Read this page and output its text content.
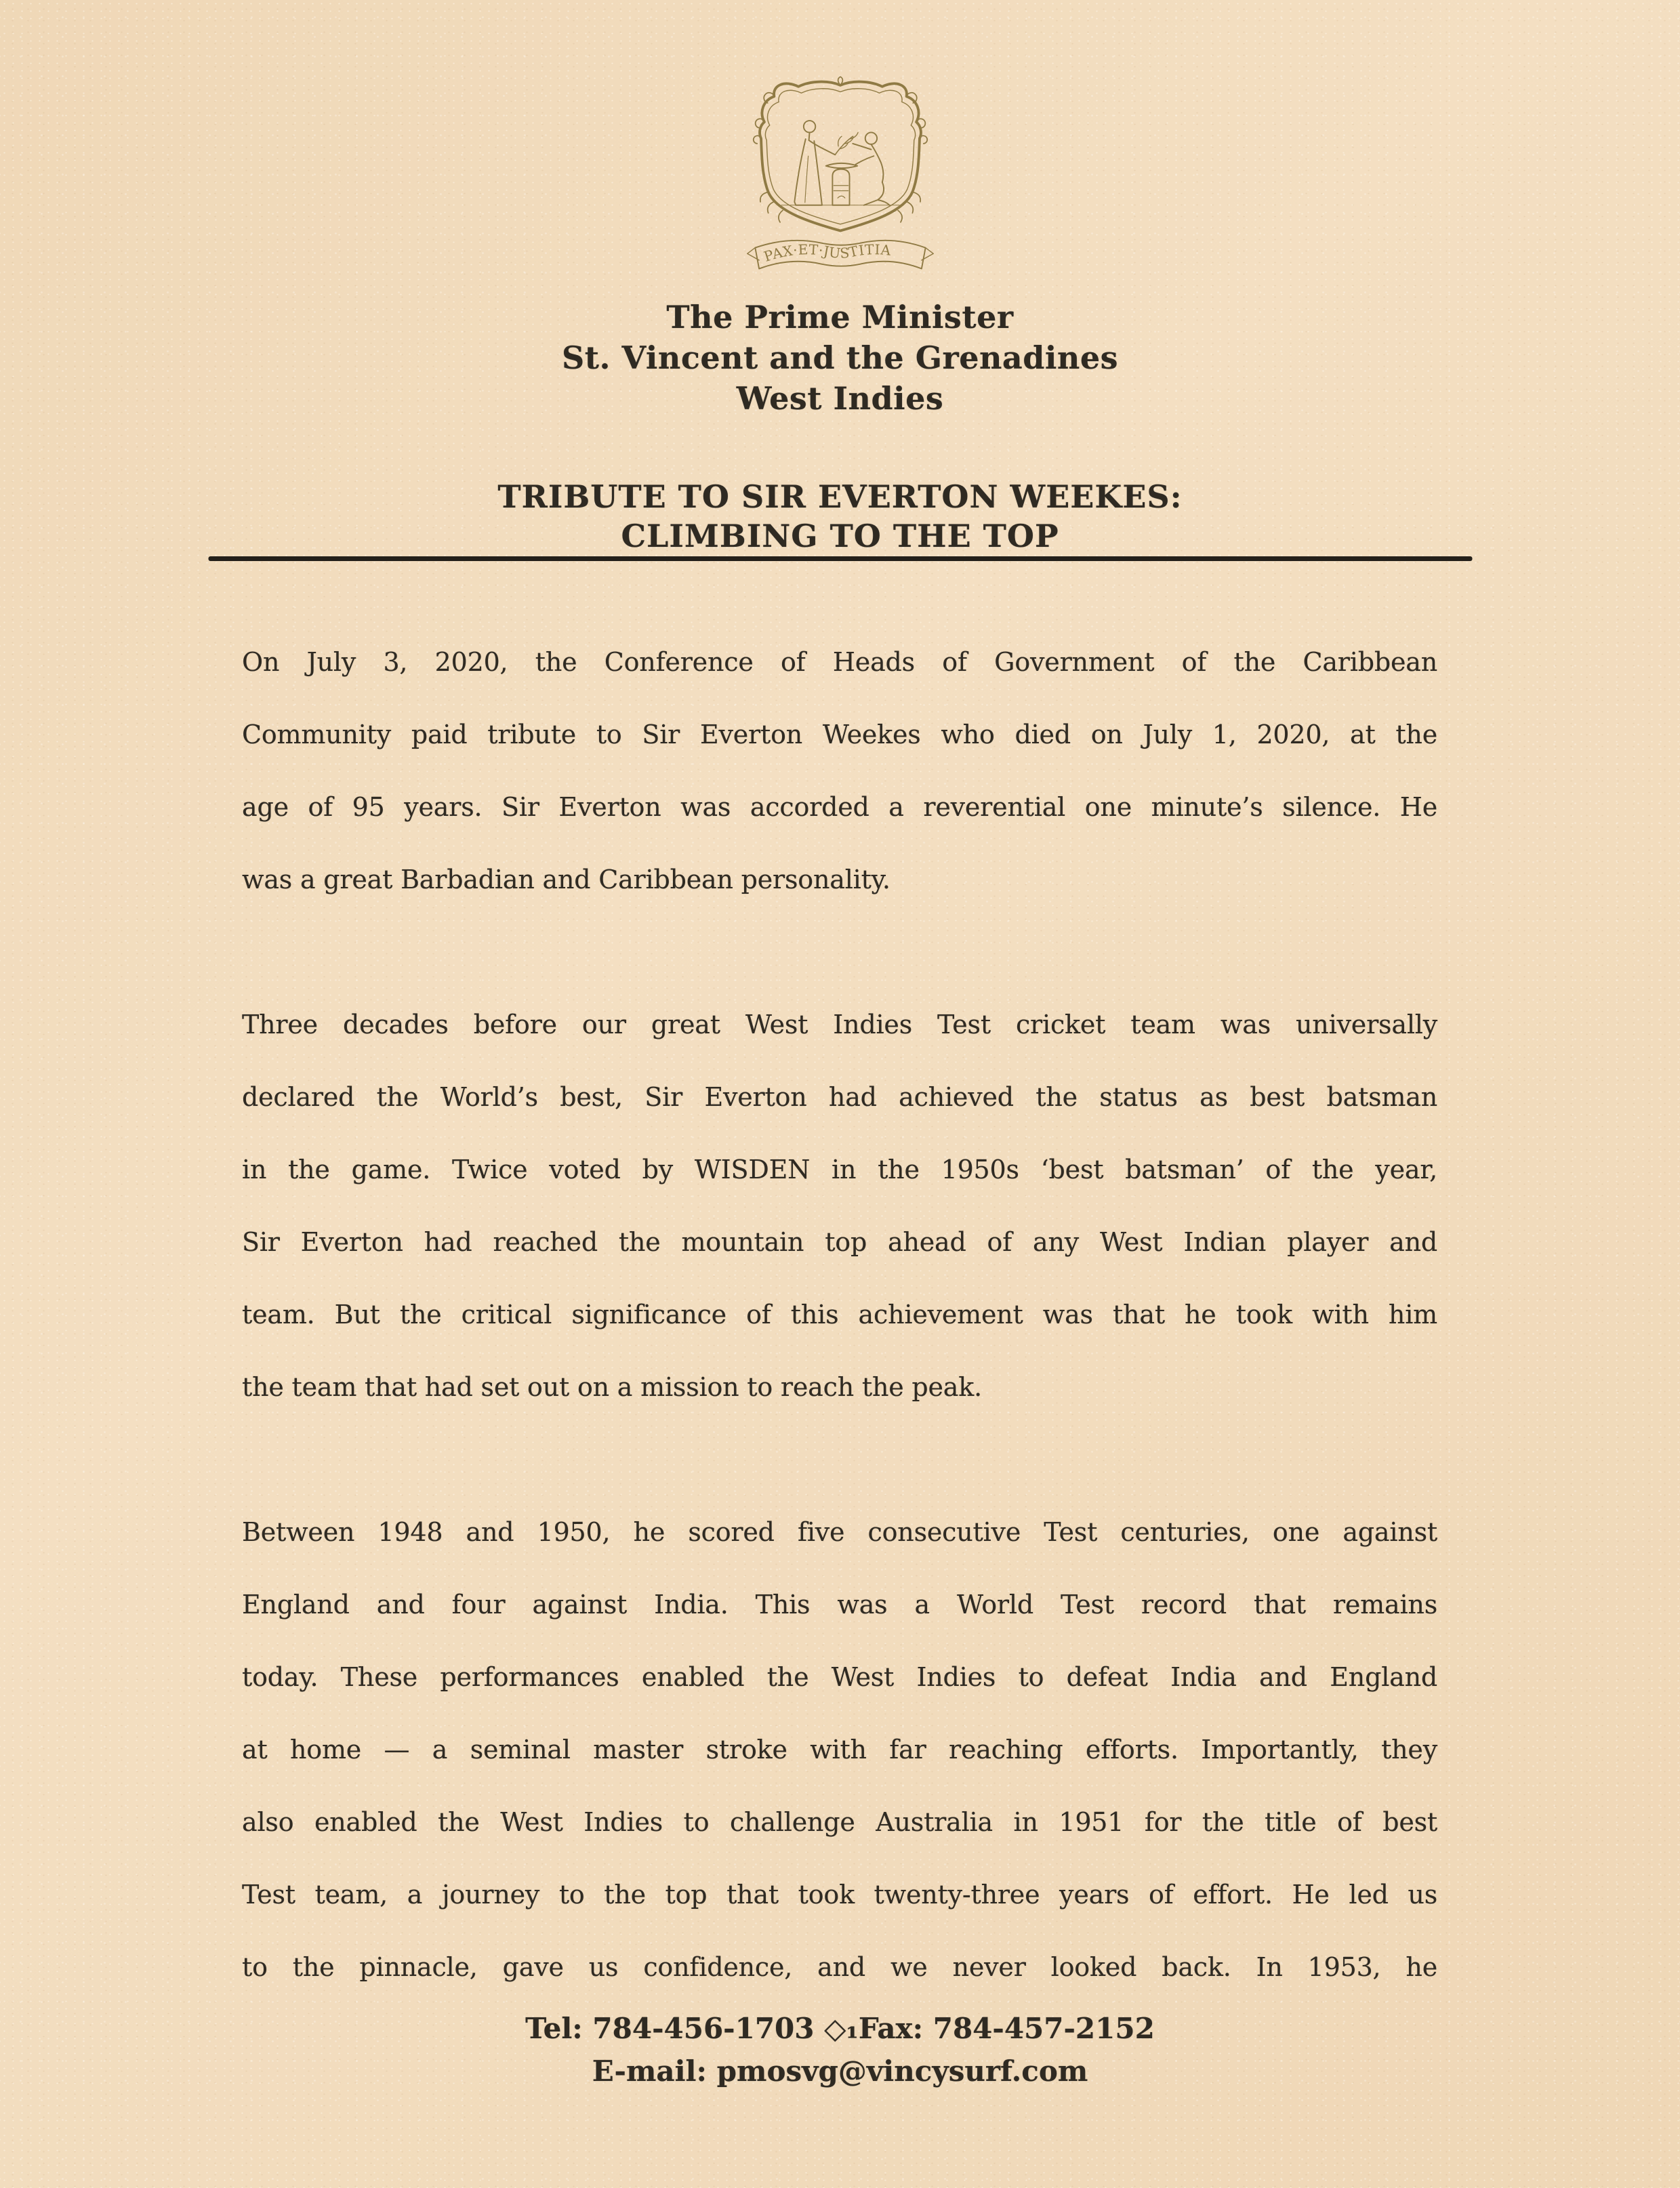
PAX·ET·JUSTITIA
The Prime Minister
St. Vincent and the Grenadines
West Indies
TRIBUTE TO SIR EVERTON WEEKES:
CLIMBING TO THE TOP
On July 3, 2020, the Conference of Heads of Government of the Caribbean
Community paid tribute to Sir Everton Weekes who died on July 1, 2020, at the
age of 95 years. Sir Everton was accorded a reverential one minute’s silence. He
was a great Barbadian and Caribbean personality.
Three decades before our great West Indies Test cricket team was universally
declared the World’s best, Sir Everton had achieved the status as best batsman
in the game. Twice voted by WISDEN in the 1950s ‘best batsman’ of the year,
Sir Everton had reached the mountain top ahead of any West Indian player and
team. But the critical significance of this achievement was that he took with him
the team that had set out on a mission to reach the peak.
Between 1948 and 1950, he scored five consecutive Test centuries, one against
England and four against India. This was a World Test record that remains
today. These performances enabled the West Indies to defeat India and England
at home — a seminal master stroke with far reaching efforts. Importantly, they
also enabled the West Indies to challenge Australia in 1951 for the title of best
Test team, a journey to the top that took twenty-three years of effort. He led us
to the pinnacle, gave us confidence, and we never looked back. In 1953, he
Tel: 784-456-1703 ◇₁Fax: 784-457-2152
E-mail: pmosvg@vincysurf.com
